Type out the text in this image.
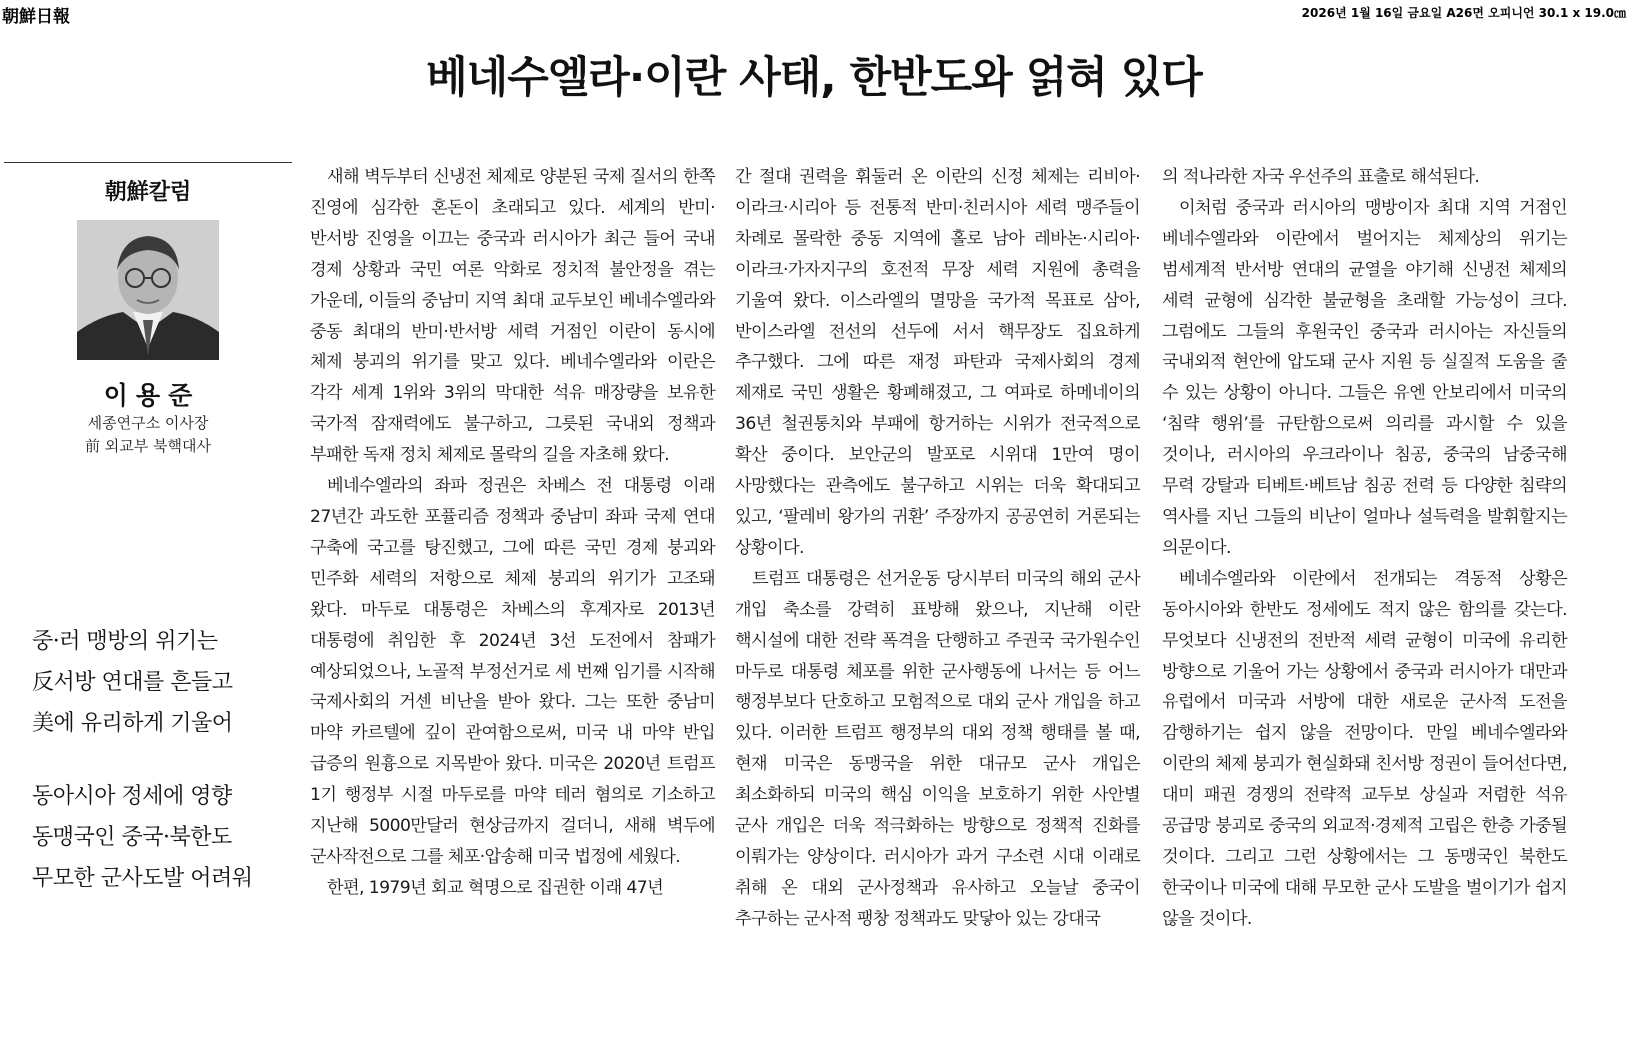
朝鮮日報	2026년 1월 16일 금요일 A26면 오피니언 30.1 x 19.0㎝
베네수엘라·이란 사태, 한반도와 얽혀 있다
朝鮮칼럼
이용준
세종연구소 이사장
前 외교부 북핵대사
중·러 맹방의 위기는
反서방 연대를 흔들고
美에 유리하게 기울어
동아시아 정세에 영향
동맹국인 중국·북한도
무모한 군사도발 어려워

새해 벽두부터 신냉전 체제로 양분된 국제 질서의 한쪽 진영에 심각한 혼돈이 초래되고 있다. 세계의 반미·반서방 진영을 이끄는 중국과 러시아가 최근 들어 국내 경제 상황과 국민 여론 악화로 정치적 불안정을 겪는 가운데, 이들의 중남미 지역 최대 교두보인 베네수엘라와 중동 최대의 반미·반서방 세력 거점인 이란이 동시에 체제 붕괴의 위기를 맞고 있다. 베네수엘라와 이란은 각각 세계 1위와 3위의 막대한 석유 매장량을 보유한 국가적 잠재력에도 불구하고, 그릇된 국내외 정책과 부패한 독재 정치 체제로 몰락의 길을 자초해 왔다.

베네수엘라의 좌파 정권은 차베스 전 대통령 이래 27년간 과도한 포퓰리즘 정책과 중남미 좌파 국제 연대 구축에 국고를 탕진했고, 그에 따른 국민 경제 붕괴와 민주화 세력의 저항으로 체제 붕괴의 위기가 고조돼 왔다. 마두로 대통령은 차베스의 후계자로 2013년 대통령에 취임한 후 2024년 3선 도전에서 참패가 예상되었으나, 노골적 부정선거로 세 번째 임기를 시작해 국제사회의 거센 비난을 받아 왔다. 그는 또한 중남미 마약 카르텔에 깊이 관여함으로써, 미국 내 마약 반입 급증의 원흉으로 지목받아 왔다. 미국은 2020년 트럼프 1기 행정부 시절 마두로를 마약 테러 혐의로 기소하고 지난해 5000만달러 현상금까지 걸더니, 새해 벽두에 군사작전으로 그를 체포·압송해 미국 법정에 세웠다.

한편, 1979년 회교 혁명으로 집권한 이래 47년

간 절대 권력을 휘둘러 온 이란의 신정 체제는 리비아·이라크·시리아 등 전통적 반미·친러시아 세력 맹주들이 차례로 몰락한 중동 지역에 홀로 남아 레바논·시리아·이라크·가자지구의 호전적 무장 세력 지원에 총력을 기울여 왔다. 이스라엘의 멸망을 국가적 목표로 삼아, 반이스라엘 전선의 선두에 서서 핵무장도 집요하게 추구했다. 그에 따른 재정 파탄과 국제사회의 경제 제재로 국민 생활은 황폐해졌고, 그 여파로 하메네이의 36년 철권통치와 부패에 항거하는 시위가 전국적으로 확산 중이다. 보안군의 발포로 시위대 1만여 명이 사망했다는 관측에도 불구하고 시위는 더욱 확대되고 있고, ‘팔레비 왕가의 귀환’ 주장까지 공공연히 거론되는 상황이다.

트럼프 대통령은 선거운동 당시부터 미국의 해외 군사 개입 축소를 강력히 표방해 왔으나, 지난해 이란 핵시설에 대한 전략 폭격을 단행하고 주권국 국가원수인 마두로 대통령 체포를 위한 군사행동에 나서는 등 어느 행정부보다 단호하고 모험적으로 대외 군사 개입을 하고 있다. 이러한 트럼프 행정부의 대외 정책 행태를 볼 때, 현재 미국은 동맹국을 위한 대규모 군사 개입은 최소화하되 미국의 핵심 이익을 보호하기 위한 사안별 군사 개입은 더욱 적극화하는 방향으로 정책적 진화를 이뤄가는 양상이다. 러시아가 과거 구소련 시대 이래로 취해 온 대외 군사정책과 유사하고 오늘날 중국이 추구하는 군사적 팽창 정책과도 맞닿아 있는 강대국

의 적나라한 자국 우선주의 표출로 해석된다.

이처럼 중국과 러시아의 맹방이자 최대 지역 거점인 베네수엘라와 이란에서 벌어지는 체제상의 위기는 범세계적 반서방 연대의 균열을 야기해 신냉전 체제의 세력 균형에 심각한 불균형을 초래할 가능성이 크다. 그럼에도 그들의 후원국인 중국과 러시아는 자신들의 국내외적 현안에 압도돼 군사 지원 등 실질적 도움을 줄 수 있는 상황이 아니다. 그들은 유엔 안보리에서 미국의 ‘침략 행위’를 규탄함으로써 의리를 과시할 수 있을 것이나, 러시아의 우크라이나 침공, 중국의 남중국해 무력 강탈과 티베트·베트남 침공 전력 등 다양한 침략의 역사를 지닌 그들의 비난이 얼마나 설득력을 발휘할지는 의문이다.

베네수엘라와 이란에서 전개되는 격동적 상황은 동아시아와 한반도 정세에도 적지 않은 함의를 갖는다. 무엇보다 신냉전의 전반적 세력 균형이 미국에 유리한 방향으로 기울어 가는 상황에서 중국과 러시아가 대만과 유럽에서 미국과 서방에 대한 새로운 군사적 도전을 감행하기는 쉽지 않을 전망이다. 만일 베네수엘라와 이란의 체제 붕괴가 현실화돼 친서방 정권이 들어선다면, 대미 패권 경쟁의 전략적 교두보 상실과 저렴한 석유 공급망 붕괴로 중국의 외교적·경제적 고립은 한층 가중될 것이다. 그리고 그런 상황에서는 그 동맹국인 북한도 한국이나 미국에 대해 무모한 군사 도발을 벌이기가 쉽지 않을 것이다.
